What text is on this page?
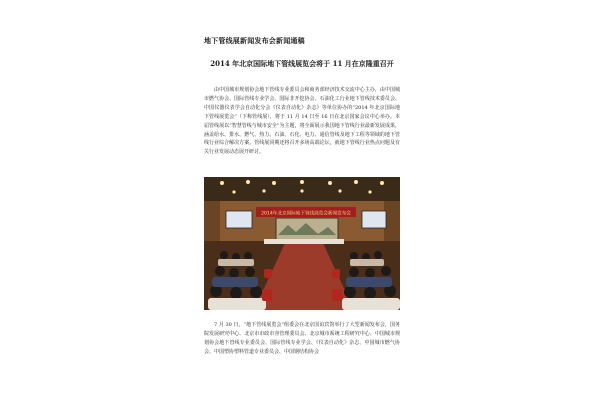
地下管线展新闻发布会新闻通稿
2014 年北京国际地下管线展览会将于 11 月在京隆重召开
由中国城市规划协会地下管线专业委员会和商务部经济技术交流中心主办，由中国城市燃气协会、国际管线专业学会、国际非开挖协会、石油化工行业地下管线技术委员会、中国仪器仪表学会自动化分会《仪表自动化》杂志》等单位协办的“2014 年北京国际地下管线展览会”（下称管线展），将于 11 月 14 日至 16 日在北京国家会议中心举办。本届管线展以“智慧管线与城市安全”为主题，将全面展示我国地下管线行业最新发展成果，涵盖给水、排水、燃气、热力、石油、石化、电力、通信管线及地下工程等领域的地下管线行业综合解决方案。管线展同期还将召开多场高端论坛，就地下管线行业热点问题及有关行业发展动态展开研讨。
2014年北京国际地下管线展览会新闻发布会
7 月 30 日，“地下管线展览会”组委会在北京国谊宾馆举行了大型新闻发布会，国务院发展研究中心、北京市市政市容管理委员会、北京城市系统工程研究中心、中国城市规划协会地下管线专业委员会、国际管线专业学会、《仪表自动化》杂志、中国城市燃气协会、中国塑协塑料管道专业委员会、中国钢结构协会
